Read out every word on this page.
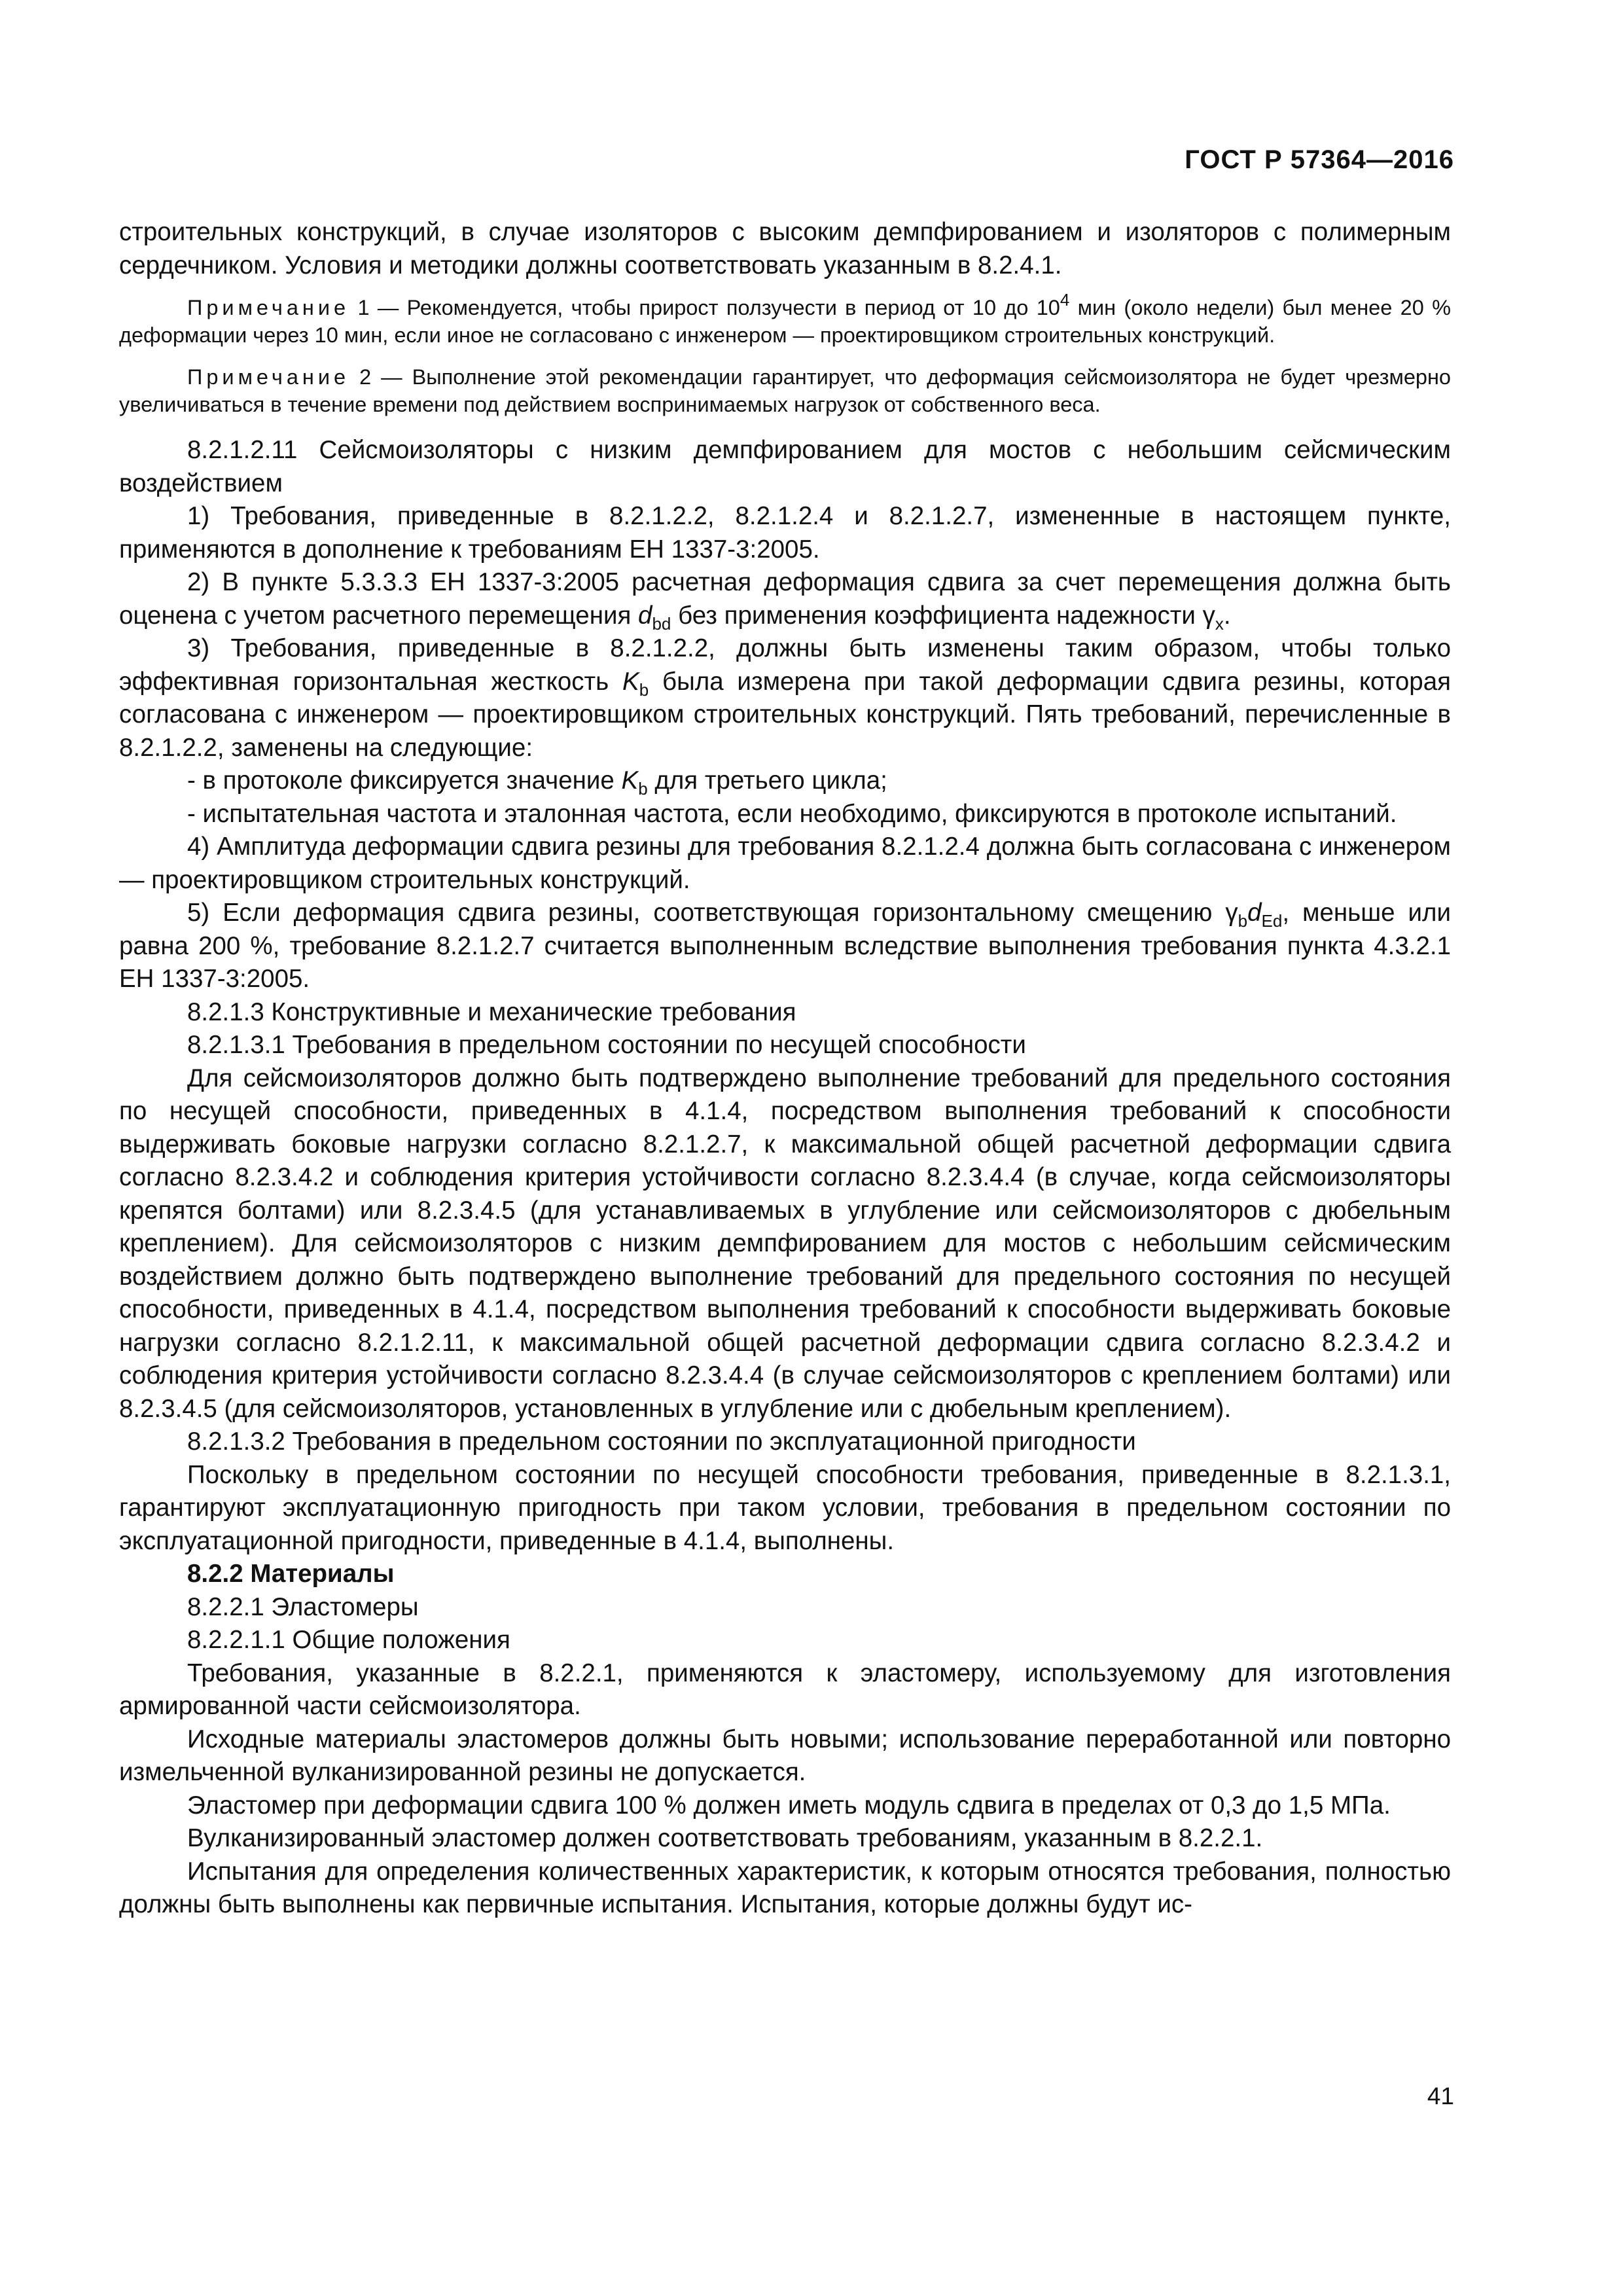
ГОСТ Р 57364—2016

строительных конструкций, в случае изоляторов с высоким демпфированием и изоляторов с полимерным сердечником. Условия и методики должны соответствовать указанным в 8.2.4.1.

Примечание 1 — Рекомендуется, чтобы прирост ползучести в период от 10 до $10^4$ мин (около недели) был менее 20 % деформации через 10 мин, если иное не согласовано с инженером — проектировщиком строительных конструкций.

Примечание 2 — Выполнение этой рекомендации гарантирует, что деформация сейсмоизолятора не будет чрезмерно увеличиваться в течение времени под действием воспринимаемых нагрузок от собственного веса.

8.2.1.2.11 Сейсмоизоляторы с низким демпфированием для мостов с небольшим сейсмическим воздействием

1) Требования, приведенные в 8.2.1.2.2, 8.2.1.2.4 и 8.2.1.2.7, измененные в настоящем пункте, применяются в дополнение к требованиям ЕН 1337-3:2005.

2) В пункте 5.3.3.3 ЕН 1337-3:2005 расчетная деформация сдвига за счет перемещения должна быть оценена с учетом расчетного перемещения $d_{bd}$ без применения коэффициента надежности $\gamma_x$.

3) Требования, приведенные в 8.2.1.2.2, должны быть изменены таким образом, чтобы только эффективная горизонтальная жесткость $K_b$ была измерена при такой деформации сдвига резины, которая согласована с инженером — проектировщиком строительных конструкций. Пять требований, перечисленные в 8.2.1.2.2, заменены на следующие:

- в протоколе фиксируется значение $K_b$ для третьего цикла;

- испытательная частота и эталонная частота, если необходимо, фиксируются в протоколе испытаний.

4) Амплитуда деформации сдвига резины для требования 8.2.1.2.4 должна быть согласована с инженером — проектировщиком строительных конструкций.

5) Если деформация сдвига резины, соответствующая горизонтальному смещению $\gamma_bd_{Ed}$, меньше или равна 200 %, требование 8.2.1.2.7 считается выполненным вследствие выполнения требования пункта 4.3.2.1 ЕН 1337-3:2005.

8.2.1.3 Конструктивные и механические требования

8.2.1.3.1 Требования в предельном состоянии по несущей способности

Для сейсмоизоляторов должно быть подтверждено выполнение требований для предельного состояния по несущей способности, приведенных в 4.1.4, посредством выполнения требований к способности выдерживать боковые нагрузки согласно 8.2.1.2.7, к максимальной общей расчетной деформации сдвига согласно 8.2.3.4.2 и соблюдения критерия устойчивости согласно 8.2.3.4.4 (в случае, когда сейсмоизоляторы крепятся болтами) или 8.2.3.4.5 (для устанавливаемых в углубление или сейсмоизоляторов с дюбельным креплением). Для сейсмоизоляторов с низким демпфированием для мостов с небольшим сейсмическим воздействием должно быть подтверждено выполнение требований для предельного состояния по несущей способности, приведенных в 4.1.4, посредством выполнения требований к способности выдерживать боковые нагрузки согласно 8.2.1.2.11, к максимальной общей расчетной деформации сдвига согласно 8.2.3.4.2 и соблюдения критерия устойчивости согласно 8.2.3.4.4 (в случае сейсмоизоляторов с креплением болтами) или 8.2.3.4.5 (для сейсмоизоляторов, установленных в углубление или с дюбельным креплением).

8.2.1.3.2 Требования в предельном состоянии по эксплуатационной пригодности

Поскольку в предельном состоянии по несущей способности требования, приведенные в 8.2.1.3.1, гарантируют эксплуатационную пригодность при таком условии, требования в предельном состоянии по эксплуатационной пригодности, приведенные в 4.1.4, выполнены.

8.2.2 Материалы

8.2.2.1 Эластомеры

8.2.2.1.1 Общие положения

Требования, указанные в 8.2.2.1, применяются к эластомеру, используемому для изготовления армированной части сейсмоизолятора.

Исходные материалы эластомеров должны быть новыми; использование переработанной или повторно измельченной вулканизированной резины не допускается.

Эластомер при деформации сдвига 100 % должен иметь модуль сдвига в пределах от 0,3 до 1,5 МПа.

Вулканизированный эластомер должен соответствовать требованиям, указанным в 8.2.2.1.

Испытания для определения количественных характеристик, к которым относятся требования, полностью должны быть выполнены как первичные испытания. Испытания, которые должны будут ис-

41
